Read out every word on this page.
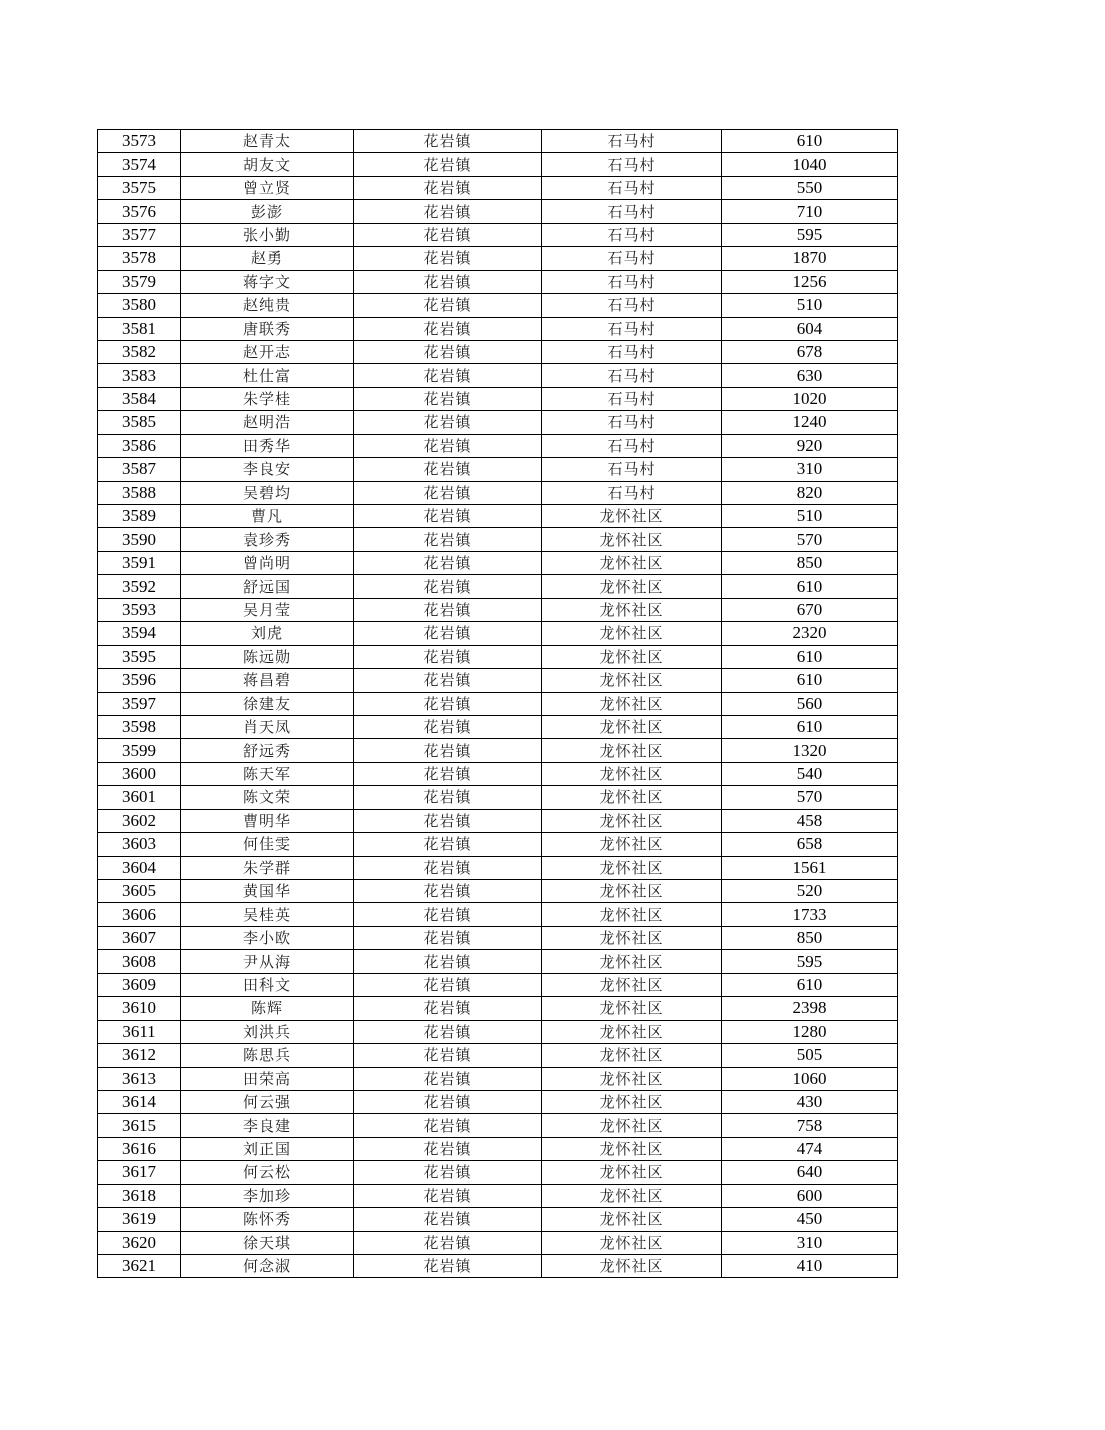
3573	赵青太	花岩镇	石马村	610
3574	胡友文	花岩镇	石马村	1040
3575	曾立贤	花岩镇	石马村	550
3576	彭澎	花岩镇	石马村	710
3577	张小勤	花岩镇	石马村	595
3578	赵勇	花岩镇	石马村	1870
3579	蒋字文	花岩镇	石马村	1256
3580	赵纯贵	花岩镇	石马村	510
3581	唐联秀	花岩镇	石马村	604
3582	赵开志	花岩镇	石马村	678
3583	杜仕富	花岩镇	石马村	630
3584	朱学桂	花岩镇	石马村	1020
3585	赵明浩	花岩镇	石马村	1240
3586	田秀华	花岩镇	石马村	920
3587	李良安	花岩镇	石马村	310
3588	吴碧均	花岩镇	石马村	820
3589	曹凡	花岩镇	龙怀社区	510
3590	袁珍秀	花岩镇	龙怀社区	570
3591	曾尚明	花岩镇	龙怀社区	850
3592	舒远国	花岩镇	龙怀社区	610
3593	吴月莹	花岩镇	龙怀社区	670
3594	刘虎	花岩镇	龙怀社区	2320
3595	陈远勋	花岩镇	龙怀社区	610
3596	蒋昌碧	花岩镇	龙怀社区	610
3597	徐建友	花岩镇	龙怀社区	560
3598	肖天凤	花岩镇	龙怀社区	610
3599	舒远秀	花岩镇	龙怀社区	1320
3600	陈天军	花岩镇	龙怀社区	540
3601	陈文荣	花岩镇	龙怀社区	570
3602	曹明华	花岩镇	龙怀社区	458
3603	何佳雯	花岩镇	龙怀社区	658
3604	朱学群	花岩镇	龙怀社区	1561
3605	黄国华	花岩镇	龙怀社区	520
3606	吴桂英	花岩镇	龙怀社区	1733
3607	李小欧	花岩镇	龙怀社区	850
3608	尹从海	花岩镇	龙怀社区	595
3609	田科文	花岩镇	龙怀社区	610
3610	陈辉	花岩镇	龙怀社区	2398
3611	刘洪兵	花岩镇	龙怀社区	1280
3612	陈思兵	花岩镇	龙怀社区	505
3613	田荣高	花岩镇	龙怀社区	1060
3614	何云强	花岩镇	龙怀社区	430
3615	李良建	花岩镇	龙怀社区	758
3616	刘正国	花岩镇	龙怀社区	474
3617	何云松	花岩镇	龙怀社区	640
3618	李加珍	花岩镇	龙怀社区	600
3619	陈怀秀	花岩镇	龙怀社区	450
3620	徐天琪	花岩镇	龙怀社区	310
3621	何念淑	花岩镇	龙怀社区	410
